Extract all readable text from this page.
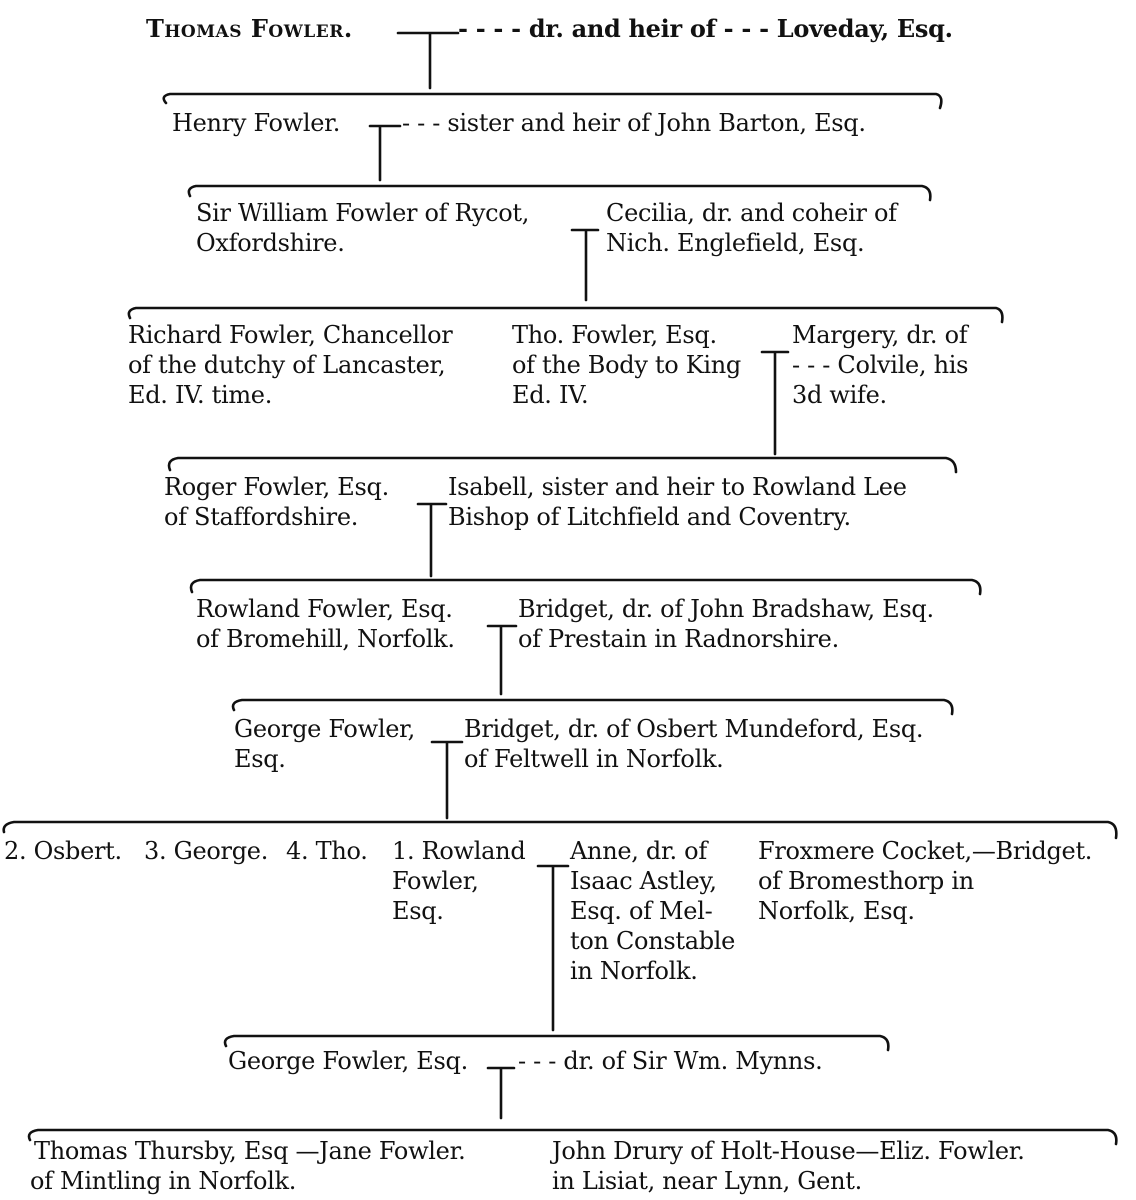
Thomas Fowler.	- - - - dr. and heir of - - - Loveday, Esq.

Henry Fowler.	- - - sister and heir of John Barton, Esq.

Sir William Fowler of Rycot,

Oxfordshire.

Cecilia, dr. and coheir of

Nich. Englefield, Esq.

Richard Fowler, Chancellor

of the dutchy of Lancaster,

Ed. IV. time.

Tho. Fowler, Esq.

of the Body to King

Ed. IV.

Margery, dr. of

- - - Colvile, his

3d wife.

Roger Fowler, Esq.

of Staffordshire.

Isabell, sister and heir to Rowland Lee

Bishop of Litchfield and Coventry.

Rowland Fowler, Esq.

of Bromehill, Norfolk.

Bridget, dr. of John Bradshaw, Esq.

of Prestain in Radnorshire.

George Fowler,

Esq.

Bridget, dr. of Osbert Mundeford, Esq.

of Feltwell in Norfolk.

2. Osbert. 3. George. 4. Tho. 1. Rowland

Fowler,

Esq.

Anne, dr. of

Isaac Astley,

Esq. of Mel-

ton Constable

in Norfolk.

Froxmere Cocket,—Bridget.

of Bromesthorp in

Norfolk, Esq.

George Fowler, Esq. - - - dr. of Sir Wm. Mynns.

Thomas Thursby, Esq —Jane Fowler.

of Mintling in Norfolk.

John Drury of Holt-House—Eliz. Fowler.

in Lisiat, near Lynn, Gent.
